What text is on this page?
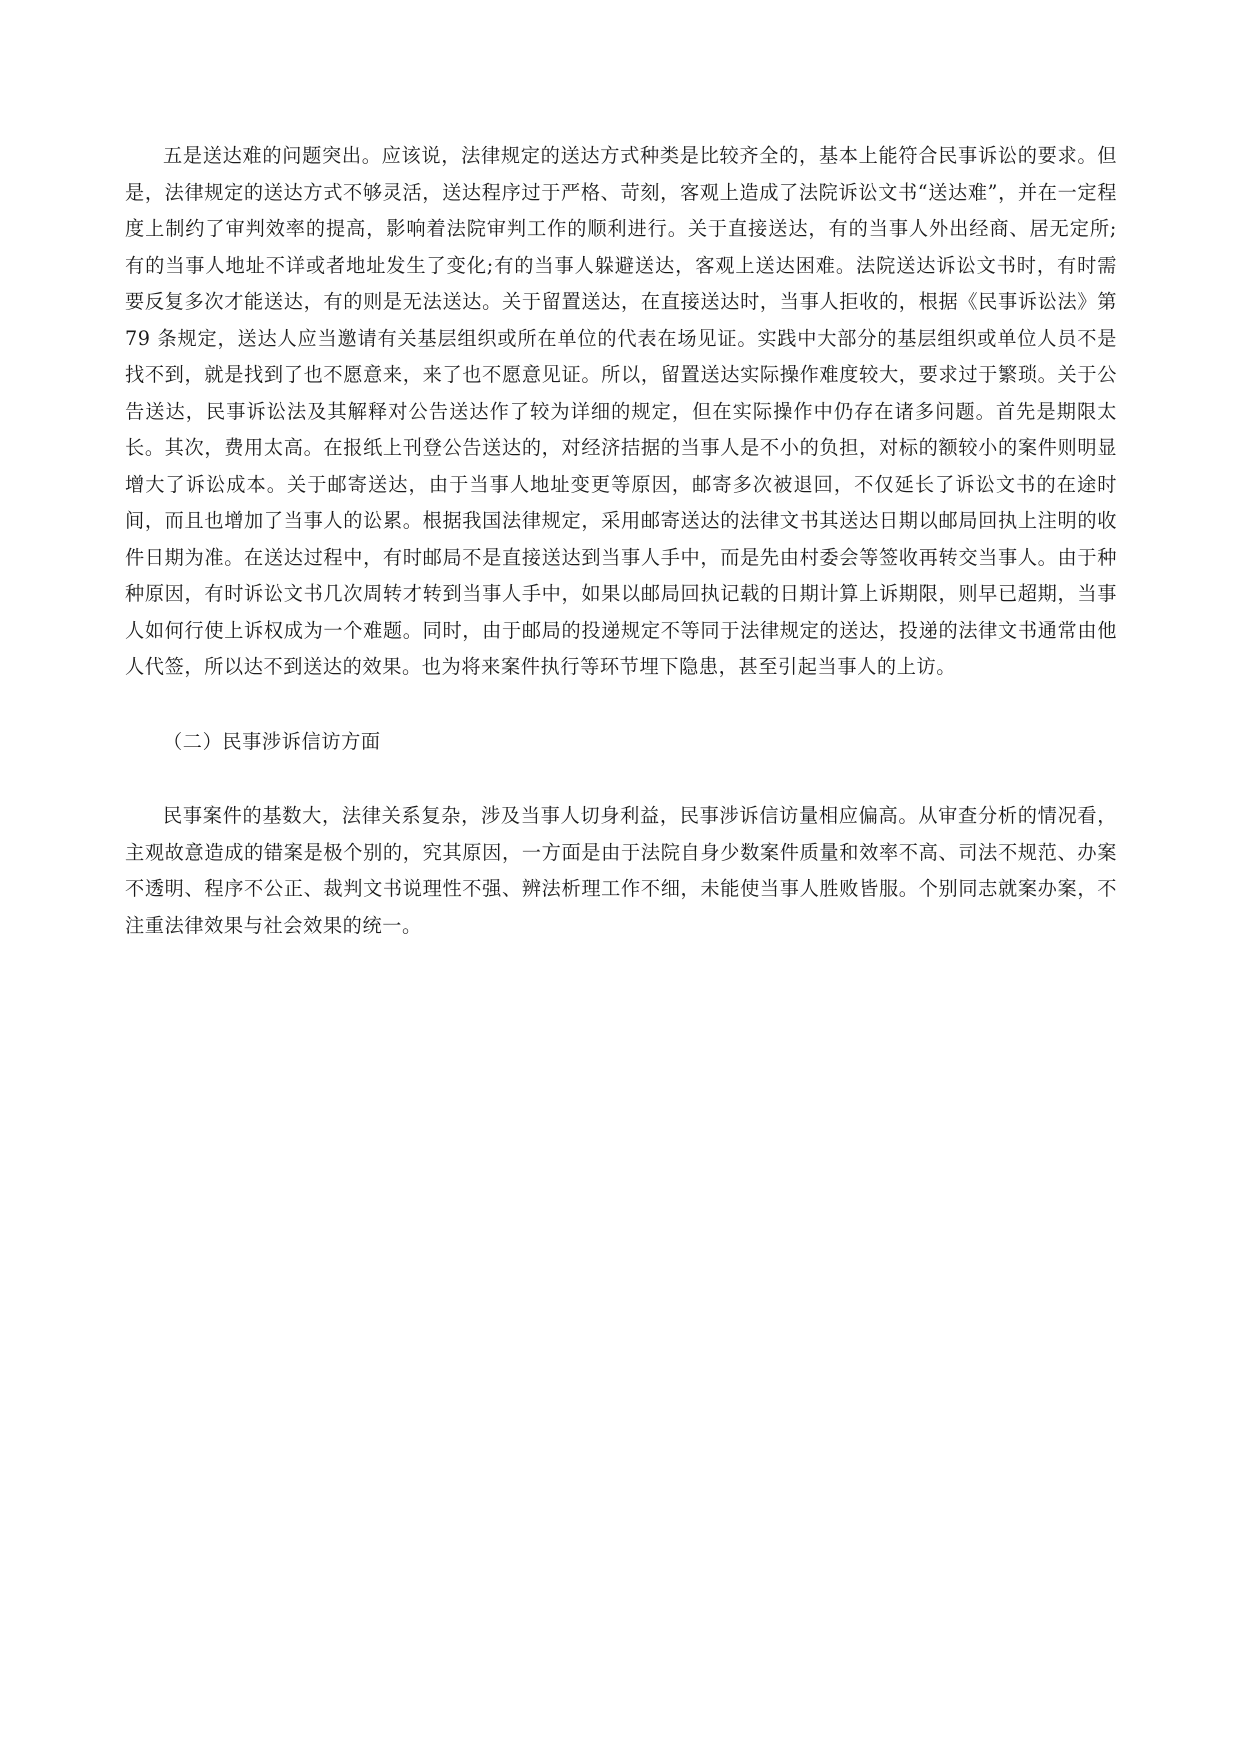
五是送达难的问题突出。应该说，法律规定的送达方式种类是比较齐全的，基本上能符合民事诉讼的要求。但是，法律规定的送达方式不够灵活，送达程序过于严格、苛刻，客观上造成了法院诉讼文书“送达难”，并在一定程度上制约了审判效率的提高，影响着法院审判工作的顺利进行。关于直接送达，有的当事人外出经商、居无定所;有的当事人地址不详或者地址发生了变化;有的当事人躲避送达，客观上送达困难。法院送达诉讼文书时，有时需要反复多次才能送达，有的则是无法送达。关于留置送达，在直接送达时，当事人拒收的，根据《民事诉讼法》第 79 条规定，送达人应当邀请有关基层组织或所在单位的代表在场见证。实践中大部分的基层组织或单位人员不是找不到，就是找到了也不愿意来，来了也不愿意见证。所以，留置送达实际操作难度较大，要求过于繁琐。关于公告送达，民事诉讼法及其解释对公告送达作了较为详细的规定，但在实际操作中仍存在诸多问题。首先是期限太长。其次，费用太高。在报纸上刊登公告送达的，对经济拮据的当事人是不小的负担，对标的额较小的案件则明显增大了诉讼成本。关于邮寄送达，由于当事人地址变更等原因，邮寄多次被退回，不仅延长了诉讼文书的在途时间，而且也增加了当事人的讼累。根据我国法律规定，采用邮寄送达的法律文书其送达日期以邮局回执上注明的收件日期为准。在送达过程中，有时邮局不是直接送达到当事人手中，而是先由村委会等签收再转交当事人。由于种种原因，有时诉讼文书几次周转才转到当事人手中，如果以邮局回执记载的日期计算上诉期限，则早已超期，当事人如何行使上诉权成为一个难题。同时，由于邮局的投递规定不等同于法律规定的送达，投递的法律文书通常由他人代签，所以达不到送达的效果。也为将来案件执行等环节埋下隐患，甚至引起当事人的上访。

（二）民事涉诉信访方面

民事案件的基数大，法律关系复杂，涉及当事人切身利益，民事涉诉信访量相应偏高。从审查分析的情况看，主观故意造成的错案是极个别的，究其原因，一方面是由于法院自身少数案件质量和效率不高、司法不规范、办案不透明、程序不公正、裁判文书说理性不强、辨法析理工作不细，未能使当事人胜败皆服。个别同志就案办案，不注重法律效果与社会效果的统一。
